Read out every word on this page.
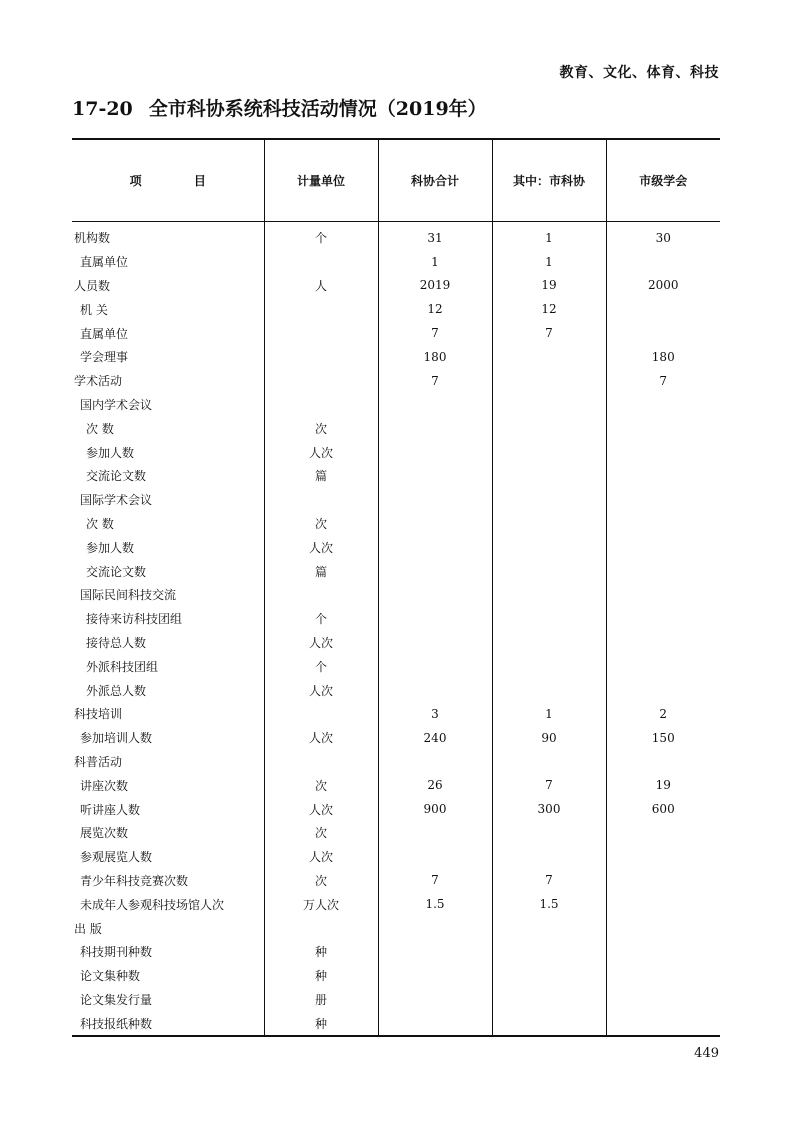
教育、文化、体育、科技
17-20 全市科协系统科技活动情况（2019年）
项 目	计量单位	科协合计	其中：市科协	市级学会
机构数	个	31	1	30
直属单位		1	1	
人员数	人	2019	19	2000
机 关		12	12	
直属单位		7	7	
学会理事		180		180
学术活动		7		7
国内学术会议				
次 数	次			
参加人数	人次			
交流论文数	篇			
国际学术会议				
次 数	次			
参加人数	人次			
交流论文数	篇			
国际民间科技交流				
接待来访科技团组	个			
接待总人数	人次			
外派科技团组	个			
外派总人数	人次			
科技培训		3	1	2
参加培训人数	人次	240	90	150
科普活动				
讲座次数	次	26	7	19
听讲座人数	人次	900	300	600
展览次数	次			
参观展览人数	人次			
青少年科技竞赛次数	次	7	7	
未成年人参观科技场馆人次	万人次	1.5	1.5	
出 版				
科技期刊种数	种			
论文集种数	种			
论文集发行量	册			
科技报纸种数	种			
449
